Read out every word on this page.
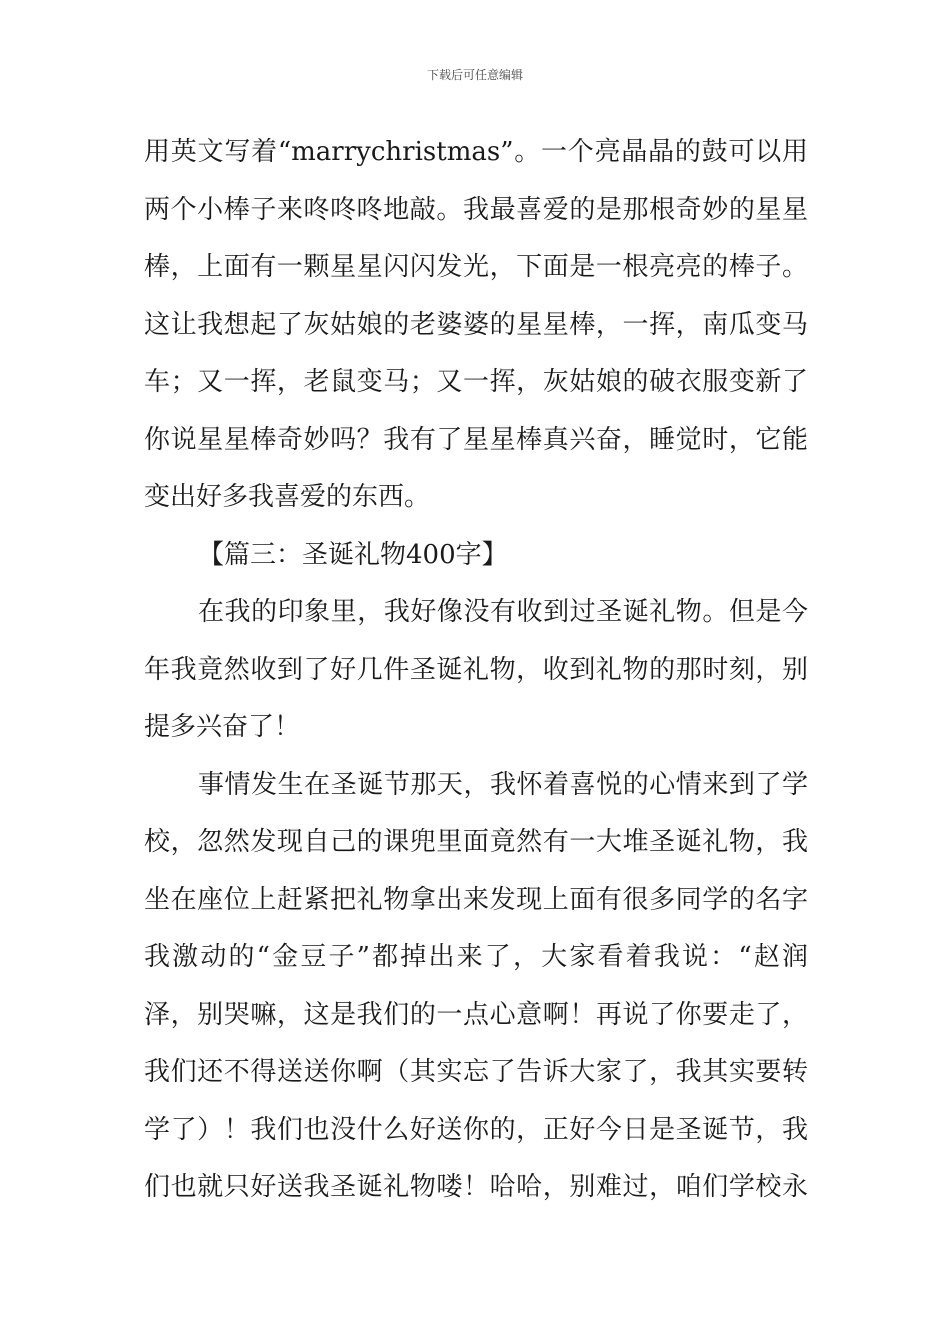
下载后可任意编辑
用英文写着“marrychristmas”。一个亮晶晶的鼓可以用
两个小棒子来咚咚咚地敲。我最喜爱的是那根奇妙的星星
棒，上面有一颗星星闪闪发光，下面是一根亮亮的棒子。
这让我想起了灰姑娘的老婆婆的星星棒，一挥，南瓜变马
车；又一挥，老鼠变马；又一挥，灰姑娘的破衣服变新了
你说星星棒奇妙吗？我有了星星棒真兴奋，睡觉时，它能
变出好多我喜爱的东西。
【篇三：圣诞礼物400字】
在我的印象里，我好像没有收到过圣诞礼物。但是今
年我竟然收到了好几件圣诞礼物，收到礼物的那时刻，别
提多兴奋了！
事情发生在圣诞节那天，我怀着喜悦的心情来到了学
校，忽然发现自己的课兜里面竟然有一大堆圣诞礼物，我
坐在座位上赶紧把礼物拿出来发现上面有很多同学的名字
我激动的“金豆子”都掉出来了，大家看着我说：“赵润
泽，别哭嘛，这是我们的一点心意啊！再说了你要走了，
我们还不得送送你啊（其实忘了告诉大家了，我其实要转
学了）！我们也没什么好送你的，正好今日是圣诞节，我
们也就只好送我圣诞礼物喽！哈哈，别难过，咱们学校永
